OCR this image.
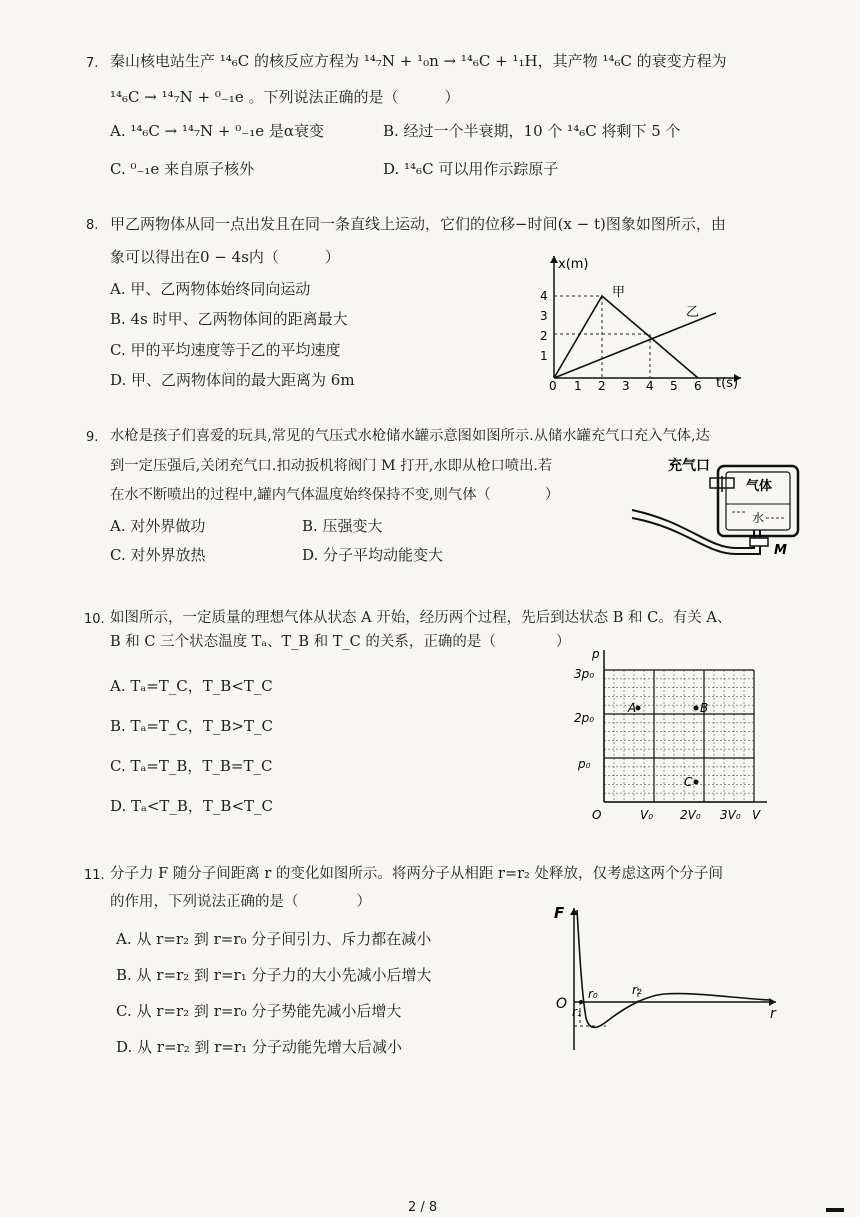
7. 秦山核电站生产 ¹⁴₆C 的核反应方程为 ¹⁴₇N + ¹₀n → ¹⁴₆C + ¹₁H，其产物 ¹⁴₆C 的衰变方程为
¹⁴₆C → ¹⁴₇N + ⁰₋₁e 。下列说法正确的是（	）
A. ¹⁴₆C → ¹⁴₇N + ⁰₋₁e 是α衰变	B. 经过一个半衰期，10 个 ¹⁴₆C 将剩下 5 个
C. ⁰₋₁e 来自原子核外	D. ¹⁴₆C 可以用作示踪原子
8. 甲乙两物体从同一点出发且在同一条直线上运动，它们的位移−时间(x − t)图象如图所示，由
象可以得出在0 − 4s内（	）
A. 甲、乙两物体始终同向运动
B. 4s 时甲、乙两物体间的距离最大
C. 甲的平均速度等于乙的平均速度
D. 甲、乙两物体间的最大距离为 6m
x(m)
t(s)
0 1 2 3 4 5 6
1
2
3
4	甲
乙
9. 水枪是孩子们喜爱的玩具,常见的气压式水枪储水罐示意图如图所示.从储水罐充气口充入气体,达
到一定压强后,关闭充气口.扣动扳机将阀门 M 打开,水即从枪口喷出.若
在水不断喷出的过程中,罐内气体温度始终保持不变,则气体（	）
A. 对外界做功	B. 压强变大
C. 对外界放热	D. 分子平均动能变大
充气口
气体
水
M
10. 如图所示，一定质量的理想气体从状态 A 开始，经历两个过程，先后到达状态 B 和 C。有关 A、
B 和 C 三个状态温度 Tₐ、T_B 和 T_C 的关系，正确的是（	）
A. Tₐ=T_C，T_B<T_C
B. Tₐ=T_C，T_B>T_C
C. Tₐ=T_B，T_B=T_C
D. Tₐ<T_B，T_B<T_C
p
V
O
p₀
2p₀
3p₀
V₀ 2V₀ 3V₀
A	B
C
11. 分子力 F 随分子间距离 r 的变化如图所示。将两分子从相距 r=r₂ 处释放，仅考虑这两个分子间
的作用，下列说法正确的是（	）
A. 从 r=r₂ 到 r=r₀ 分子间引力、斥力都在减小
B. 从 r=r₂ 到 r=r₁ 分子力的大小先减小后增大
C. 从 r=r₂ 到 r=r₀ 分子势能先减小后增大
D. 从 r=r₂ 到 r=r₁ 分子动能先增大后减小
F
r
O
r₀
r₁
r₂
2 / 8
